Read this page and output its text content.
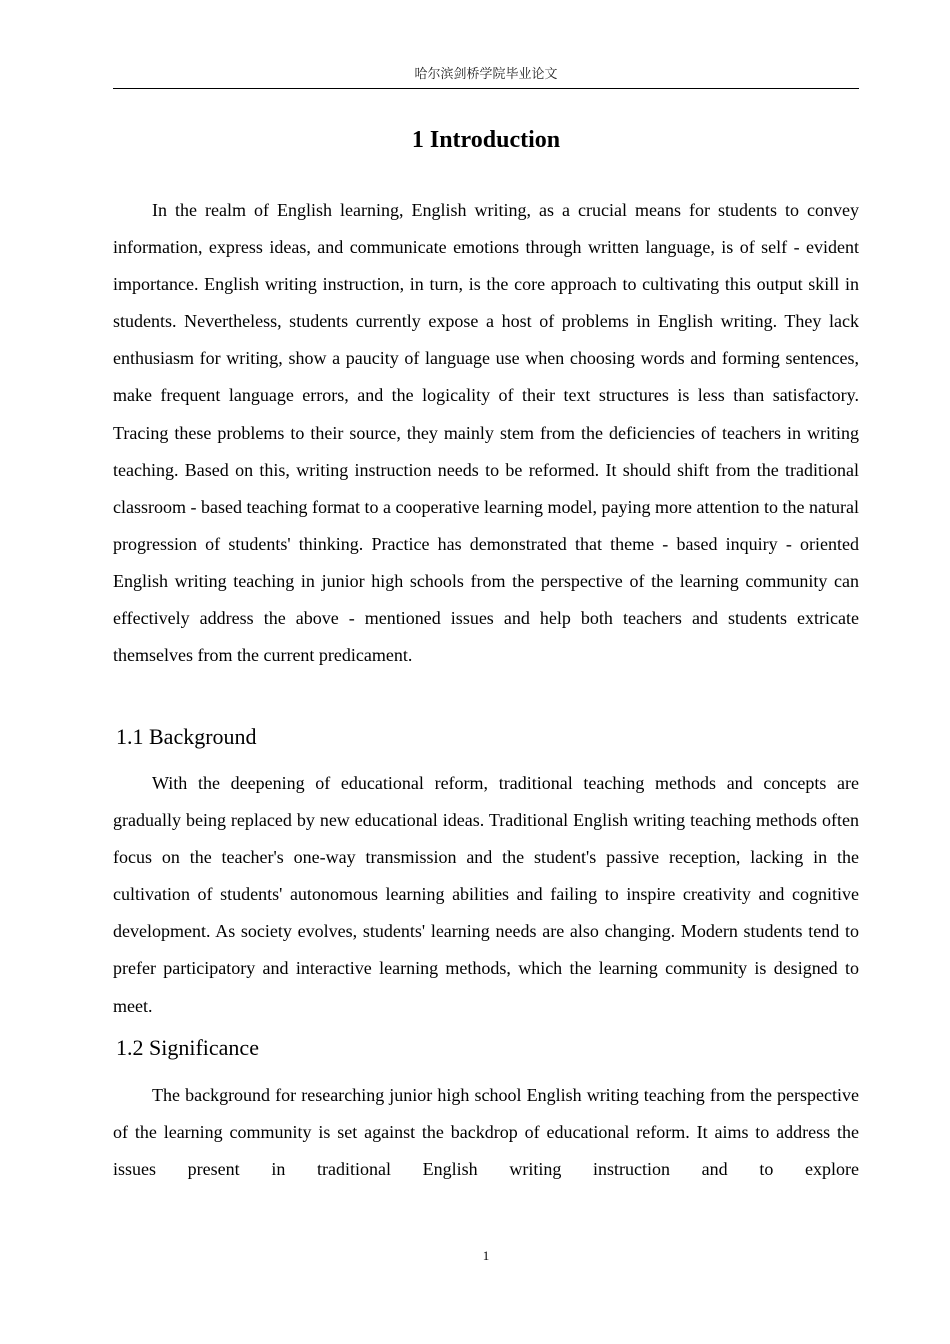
哈尔滨剑桥学院毕业论文
1 Introduction

In the realm of English learning, English writing, as a crucial means for students to convey information, express ideas, and communicate emotions through written language, is of self - evident importance. English writing instruction, in turn, is the core approach to cultivating this output skill in students. Nevertheless, students currently expose a host of problems in English writing. They lack enthusiasm for writing, show a paucity of language use when choosing words and forming sentences, make frequent language errors, and the logicality of their text structures is less than satisfactory. Tracing these problems to their source, they mainly stem from the deficiencies of teachers in writing teaching. Based on this, writing instruction needs to be reformed. It should shift from the traditional classroom - based teaching format to a cooperative learning model, paying more attention to the natural progression of students' thinking. Practice has demonstrated that theme - based inquiry - oriented English writing teaching in junior high schools from the perspective of the learning community can effectively address the above - mentioned issues and help both teachers and students extricate themselves from the current predicament.

1.1 Background

With the deepening of educational reform, traditional teaching methods and concepts are gradually being replaced by new educational ideas. Traditional English writing teaching methods often focus on the teacher's one-way transmission and the student's passive reception, lacking in the cultivation of students' autonomous learning abilities and failing to inspire creativity and cognitive development. As society evolves, students' learning needs are also changing. Modern students tend to prefer participatory and interactive learning methods, which the learning community is designed to meet.

1.2 Significance

The background for researching junior high school English writing teaching from the perspective of the learning community is set against the backdrop of educational reform. It aims to address the issues present in traditional English writing instruction and to explore

1
